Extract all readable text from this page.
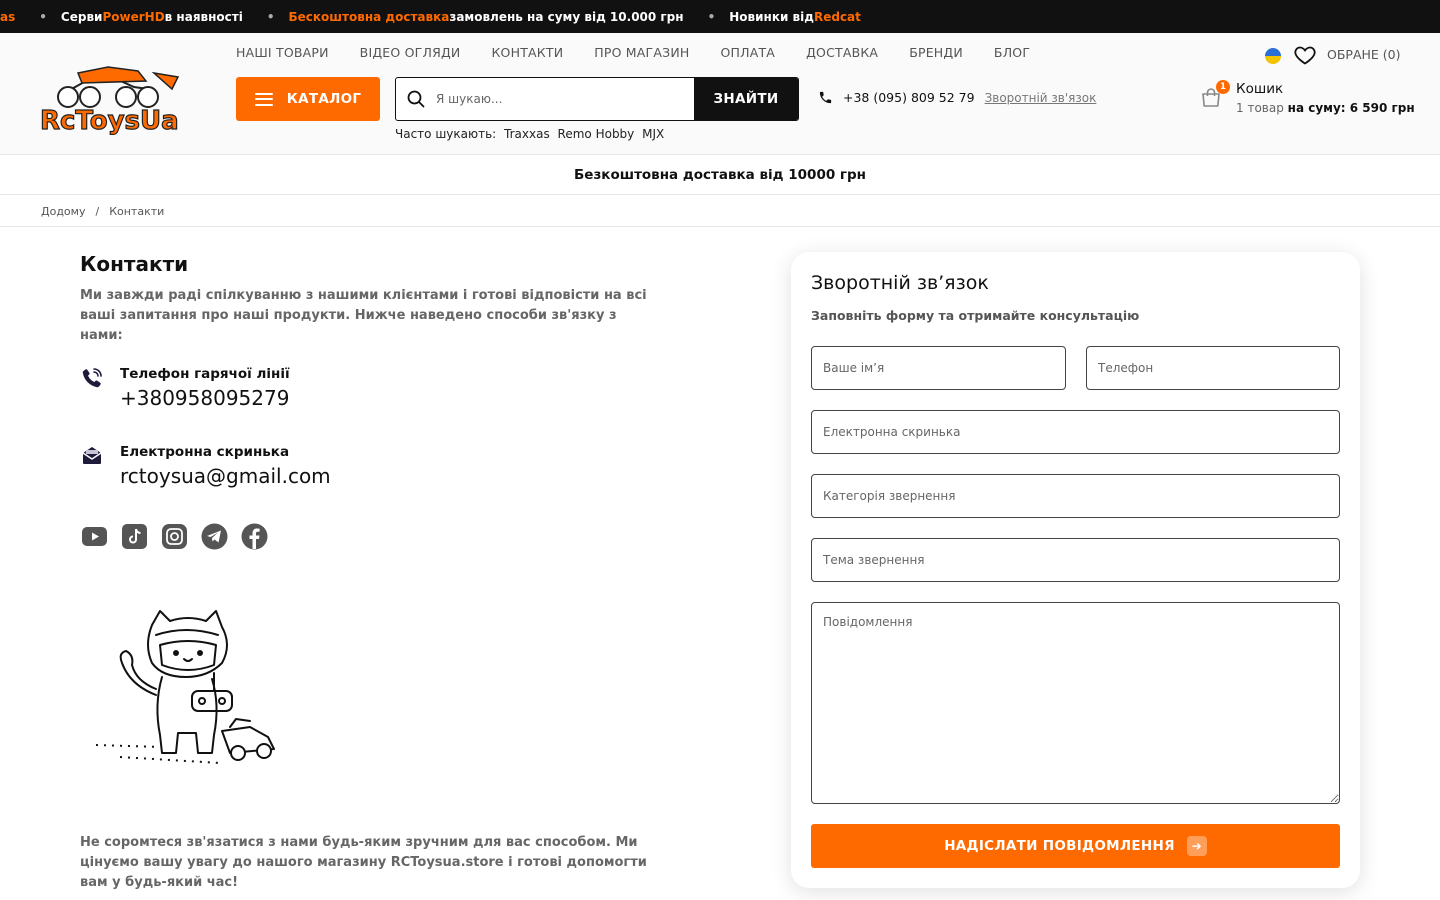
as • Серви PowerHD в наявності • Бескоштовна доставка замовлень на суму від 10.000 грн • Новинки від Redcat
RcToysUa
НАШІ ТОВАРИ ВІДЕО ОГЛЯДИ КОНТАКТИ ПРО МАГАЗИН ОПЛАТА ДОСТАВКА БРЕНДИ БЛОГ
КАТАЛОГ
Я шукаю...	ЗНАЙТИ
Часто шукають: Traxxas Remo Hobby MJX
+38 (095) 809 52 79 Зворотній зв'язок
ОБРАНЕ (0)
1 Кошик
1 товар на суму: 6 590 грн
Безкоштовна доставка від 10000 грн
Додому / Контакти
Контакти

Ми завжди раді спілкуванню з нашими клієнтами і готові відповісти на всі ваші запитання про наші продукти. Нижче наведено способи зв'язку з нами:

Телефон гарячої лінії
+380958095279
Електронна скринька
rctoysua@gmail.com

Не соромтеся зв'язатися з нами будь-яким зручним для вас способом. Ми цінуємо вашу увагу до нашого магазину RCToysua.store і готові допомогти вам у будь-який час!

Зворотній зв’язок
Заповніть форму та отримайте консультацію
Ваше ім’я
Телефон
Електронна скринька
Категорія звернення
Тема звернення
Повідомлення
НАДІСЛАТИ ПОВІДОМЛЕННЯ	➔
